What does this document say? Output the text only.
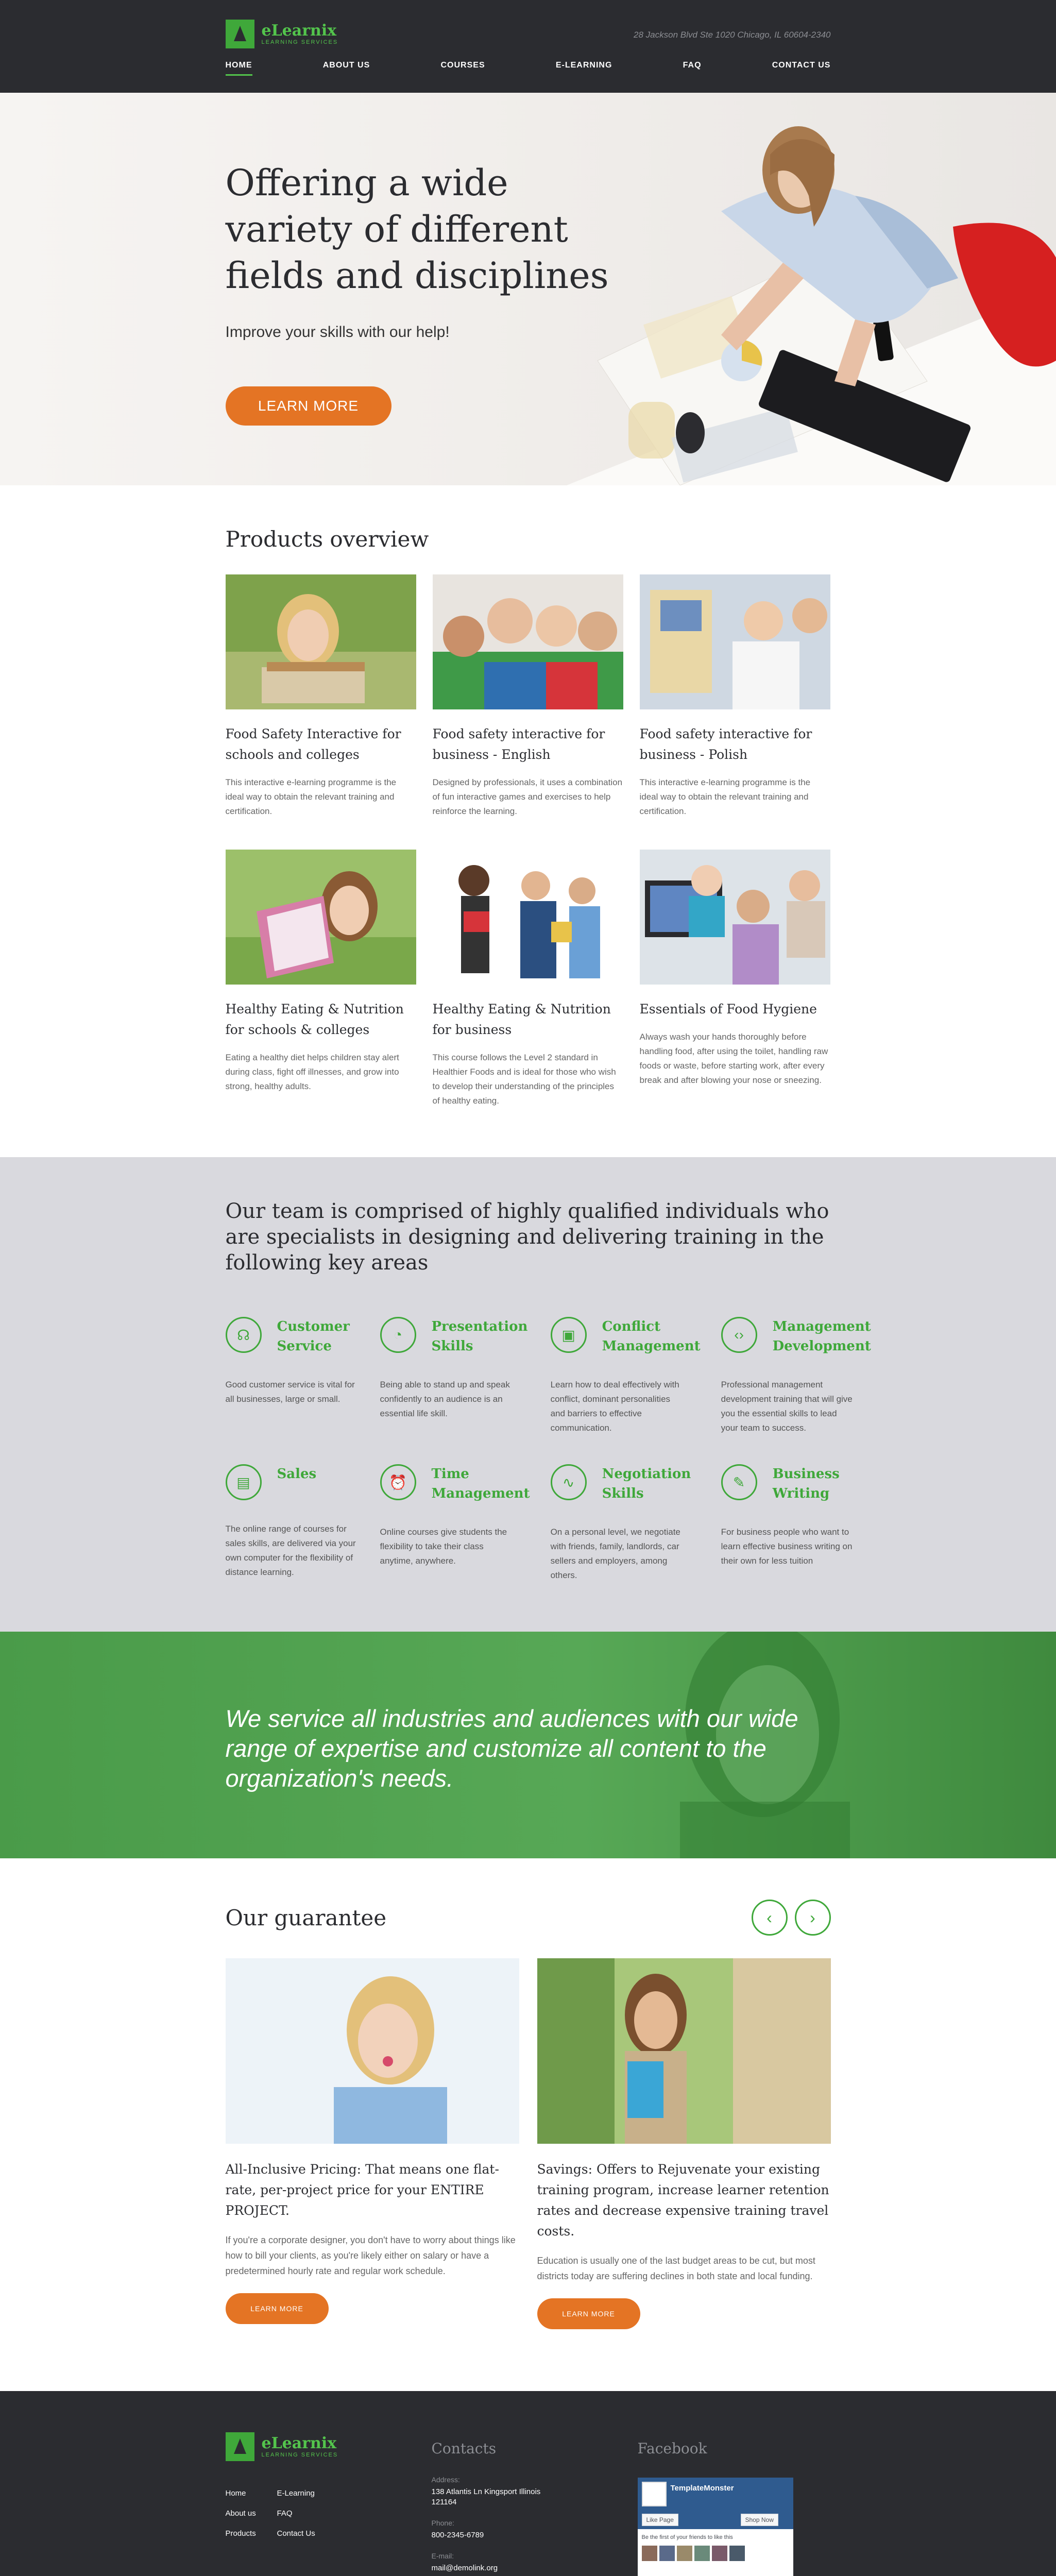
eLearnix
LEARNING SERVICES
28 Jackson Blvd Ste 1020 Chicago, IL 60604-2340
HOME	ABOUT US	COURSES	E-LEARNING	FAQ	CONTACT US
Offering a wide variety of different fields and disciplines
Improve your skills with our help!
LEARN MORE
Products overview
Food Safety Interactive for schools and colleges

This interactive e-learning programme is the ideal way to obtain the relevant training and certification.

Food safety interactive for business - English

Designed by professionals, it uses a combination of fun interactive games and exercises to help reinforce the learning.

Food safety interactive for business - Polish

This interactive e-learning programme is the ideal way to obtain the relevant training and certification.

Healthy Eating & Nutrition for schools & colleges

Eating a healthy diet helps children stay alert during class, fight off illnesses, and grow into strong, healthy adults.

Healthy Eating & Nutrition for business

This course follows the Level 2 standard in Healthier Foods and is ideal for those who wish to develop their understanding of the principles of healthy eating.

Essentials of Food Hygiene

Always wash your hands thoroughly before handling food, after using the toilet, handling raw foods or waste, before starting work, after every break and after blowing your nose or sneezing.

Our team is comprised of highly qualified individuals who are specialists in designing and delivering training in the following key areas
☊
Customer Service

Good customer service is vital for all businesses, large or small.

◔	Presentation Skills

Being able to stand up and speak confidently to an audience is an essential life skill.

▣
Conflict Management

Learn how to deal effectively with conflict, dominant personalities and barriers to effective communication.

‹›	Management Development

Professional management development training that will give you the essential skills to lead your team to success.

▤
Sales

The online range of courses for sales skills, are delivered via your own computer for the flexibility of distance learning.

⏰
Time Management

Online courses give students the flexibility to take their class anytime, anywhere.

∿
Negotiation Skills

On a personal level, we negotiate with friends, family, landlords, car sellers and employers, among others.

✎
Business Writing

For business people who want to learn effective business writing on their own for less tuition

We service all industries and audiences with our wide range of expertise and customize all content to the organization's needs.
Our guarantee	‹	›
All-Inclusive Pricing: That means one flat-rate, per-project price for your ENTIRE PROJECT.

If you're a corporate designer, you don't have to worry about things like how to bill your clients, as you're likely either on salary or have a predetermined hourly rate and regular work schedule.

LEARN MORE
Savings: Offers to Rejuvenate your existing training program, increase learner retention rates and decrease expensive training travel costs.

Education is usually one of the last budget areas to be cut, but most districts today are suffering declines in both state and local funding.

LEARN MORE
eLearnix
LEARNING SERVICES
Home	E-Learning
About us	FAQ
Products	Contact Us
Contacts
Address:
138 Atlantis Ln Kingsport Illinois 121164
Phone:
800-2345-6789
E-mail:
mail@demolink.org
Facebook
TemplateMonster
Like Page	Shop Now
Be the first of your friends to like this
